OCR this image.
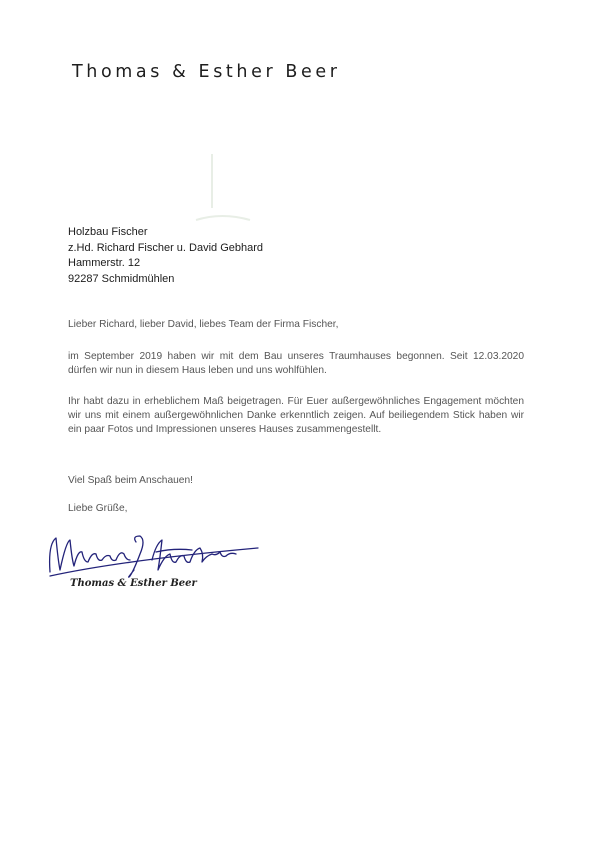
Thomas & Esther Beer
Holzbau Fischer
z.Hd. Richard Fischer u. David Gebhard
Hammerstr. 12
92287 Schmidmühlen
Lieber Richard, lieber David, liebes Team der Firma Fischer,
im September 2019 haben wir mit dem Bau unseres Traumhauses begonnen. Seit 12.03.2020 dürfen wir nun in diesem Haus leben und uns wohlfühlen.
Ihr habt dazu in erheblichem Maß beigetragen. Für Euer außergewöhnliches Engagement möchten wir uns mit einem außergewöhnlichen Danke erkenntlich zeigen. Auf beiliegendem Stick haben wir ein paar Fotos und Impressionen unseres Hauses zusammengestellt.
Viel Spaß beim Anschauen!
Liebe Grüße,
Thomas & Esther Beer
